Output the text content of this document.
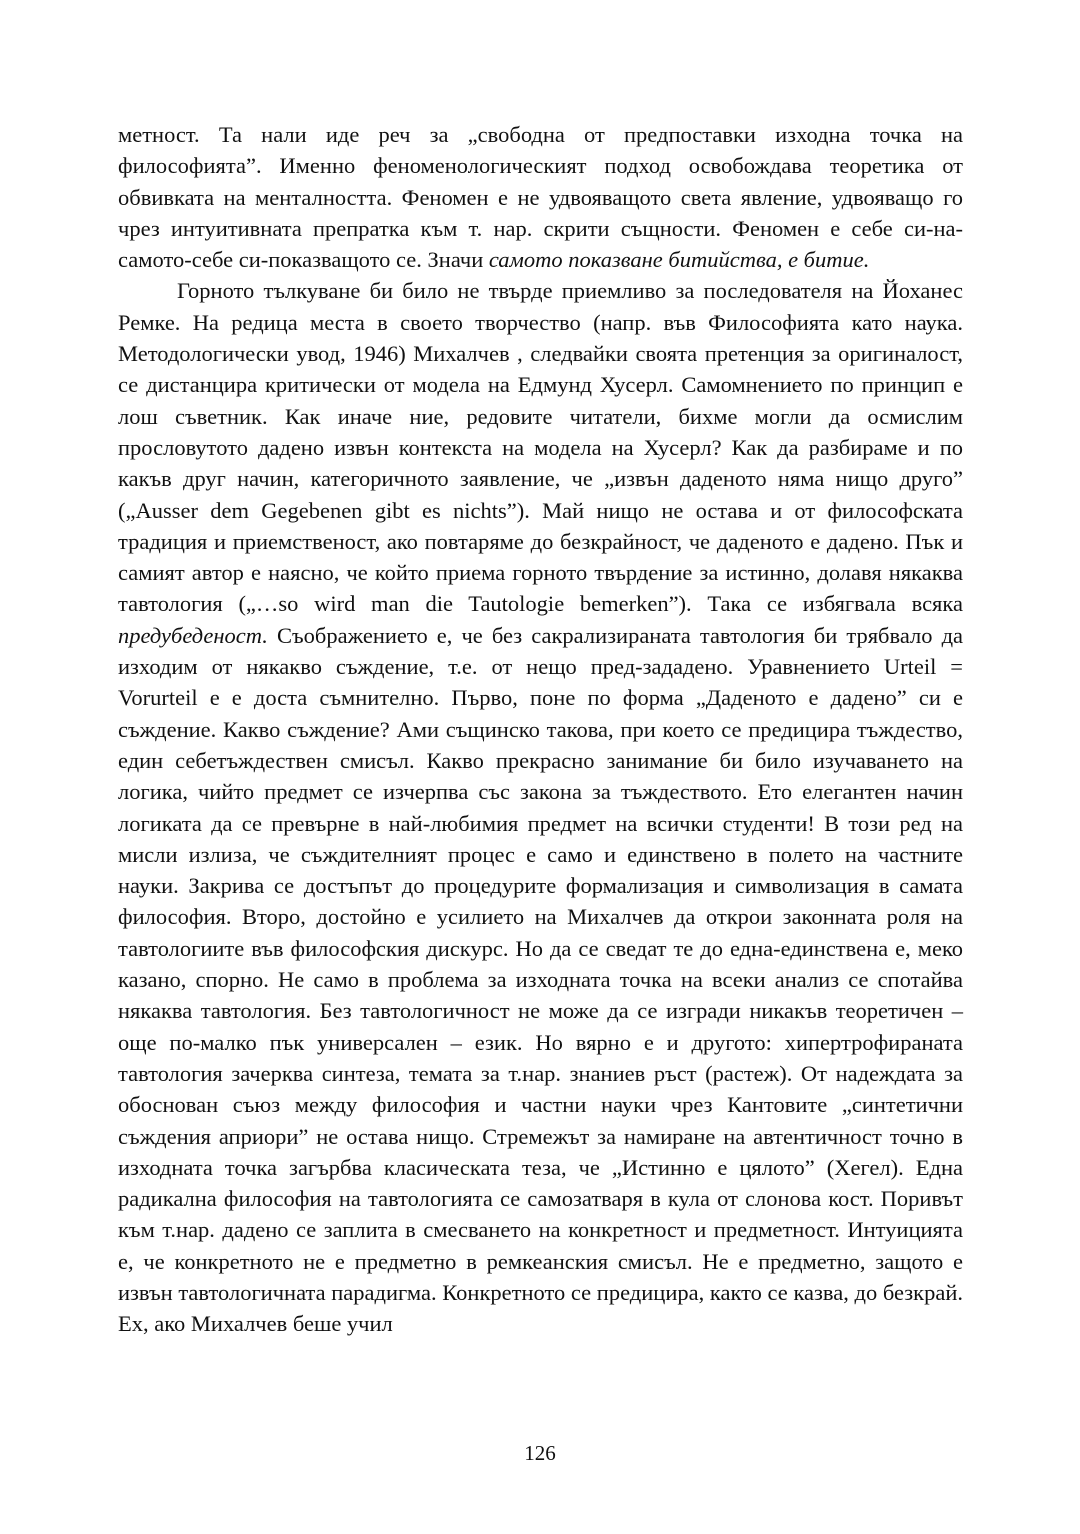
метност. Та нали иде реч за „свободна от предпоставки изходна точка на философията”. Именно феноменологическият подход освобождава теоретика от обвивката на менталността. Феномен е не удвояващото света явление, удвояващо го чрез интуитивната препратка към т. нар. скрити същности. Феномен е себе си-на-самото-себе си-показващото се. Значи самото показване битийства, е битие.

Горното тълкуване би било не твърде приемливо за последователя на Йоханес Ремке. На редица места в своето творчество (напр. във Философията като наука. Методологически увод, 1946) Михалчев , следвайки своята претенция за оригиналост, се дистанцира критически от модела на Едмунд Хусерл. Самомнението по принцип е лош съветник. Как иначе ние, редовите читатели, бихме могли да осмислим прословутото дадено извън контекста на модела на Хусерл? Как да разбираме и по какъв друг начин, категоричното заявление, че „извън даденото няма нищо друго” („Ausser dem Gegebenen gibt es nichts”). Май нищо не остава и от философската традиция и приемственост, ако повтаряме до безкрайност, че даденото е дадено. Пък и самият автор е наясно, че който приема горното твърдение за истинно, долавя някаква тавтология („…so wird man die Tautologie bemerken”). Така се избягвала всяка предубеденост. Съображението е, че без сакрализираната тавтология би трябвало да изходим от някакво съждение, т.е. от нещо пред-зададено. Уравнението Urteil = Vorurteil е е доста съмнително. Първо, поне по форма „Даденото е дадено” си е съждение. Какво съждение? Ами същинско такова, при което се предицира тъждество, един себетъждествен смисъл. Какво прекрасно занимание би било изучаването на логика, чийто предмет се изчерпва със закона за тъждеството. Ето елегантен начин логиката да се превърне в най-любимия предмет на всички студенти! В този ред на мисли излиза, че съждителният процес е само и единствено в полето на частните науки. Закрива се достъпът до процедурите формализация и символизация в самата философия. Второ, достойно е усилието на Михалчев да открои законната роля на тавтологиите във философския дискурс. Но да се сведат те до една-единствена е, меко казано, спорно. Не само в проблема за изходната точка на всеки анализ се спотайва някаква тавтология. Без тавтологичност не може да се изгради никакъв теоретичен – още по-малко пък универсален – език. Но вярно е и другото: хипертрофираната тавтология зачерква синтеза, темата за т.нар. знаниев ръст (растеж). От надеждата за обоснован съюз между философия и частни науки чрез Кантовите „синтетични съждения априори” не остава нищо. Стремежът за намиране на автентичност точно в изходната точка загърбва класическата теза, че „Истинно е цялото” (Хегел). Една радикална философия на тавтологията се самозатваря в кула от слонова кост. Поривът към т.нар. дадено се заплита в смесването на конкретност и предметност. Интуицията е, че конкретното не е предметно в ремкеанския смисъл. Не е предметно, защото е извън тавтологичната парадигма. Конкретното се предицира, както се казва, до безкрай. Ех, ако Михалчев беше учил

126
